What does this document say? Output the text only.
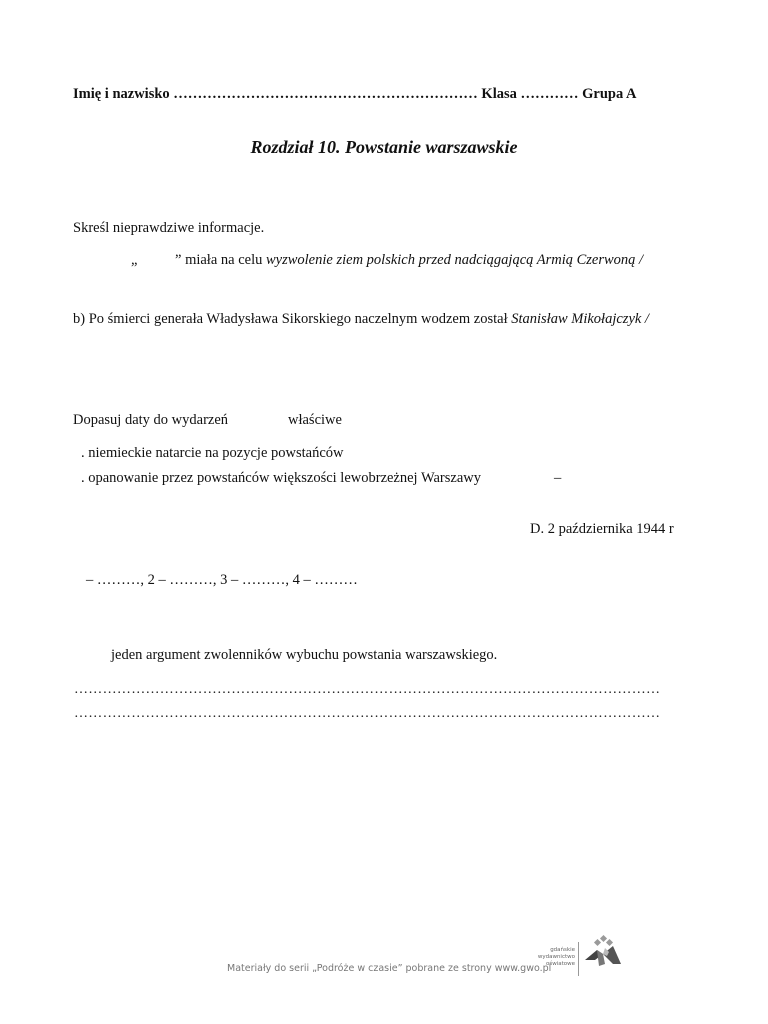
Imię i nazwisko ……………………………………………………… Klasa ………… Grupa A
Rozdział 10. Powstanie warszawskie
Skreśl nieprawdziwe informacje.
„	” miała na celu wyzwolenie ziem polskich przed nadciągającą Armią Czerwoną /
b) Po śmierci generała Władysława Sikorskiego naczelnym wodzem został Stanisław Mikołajczyk /
Dopasuj daty do wydarzeń	właściwe
. niemieckie natarcie na pozycje powstańców
. opanowanie przez powstańców większości lewobrzeżnej Warszawy	–
D. 2 października 1944 r
– ………, 2 – ………, 3 – ………, 4 – ………
jeden argument zwolenników wybuchu powstania warszawskiego.
……………………………………………………………………………………………………………
……………………………………………………………………………………………………………
Materiały do serii „Podróże w czasie” pobrane ze strony www.gwo.pl
gdańskie wydawnictwo oświatowe
